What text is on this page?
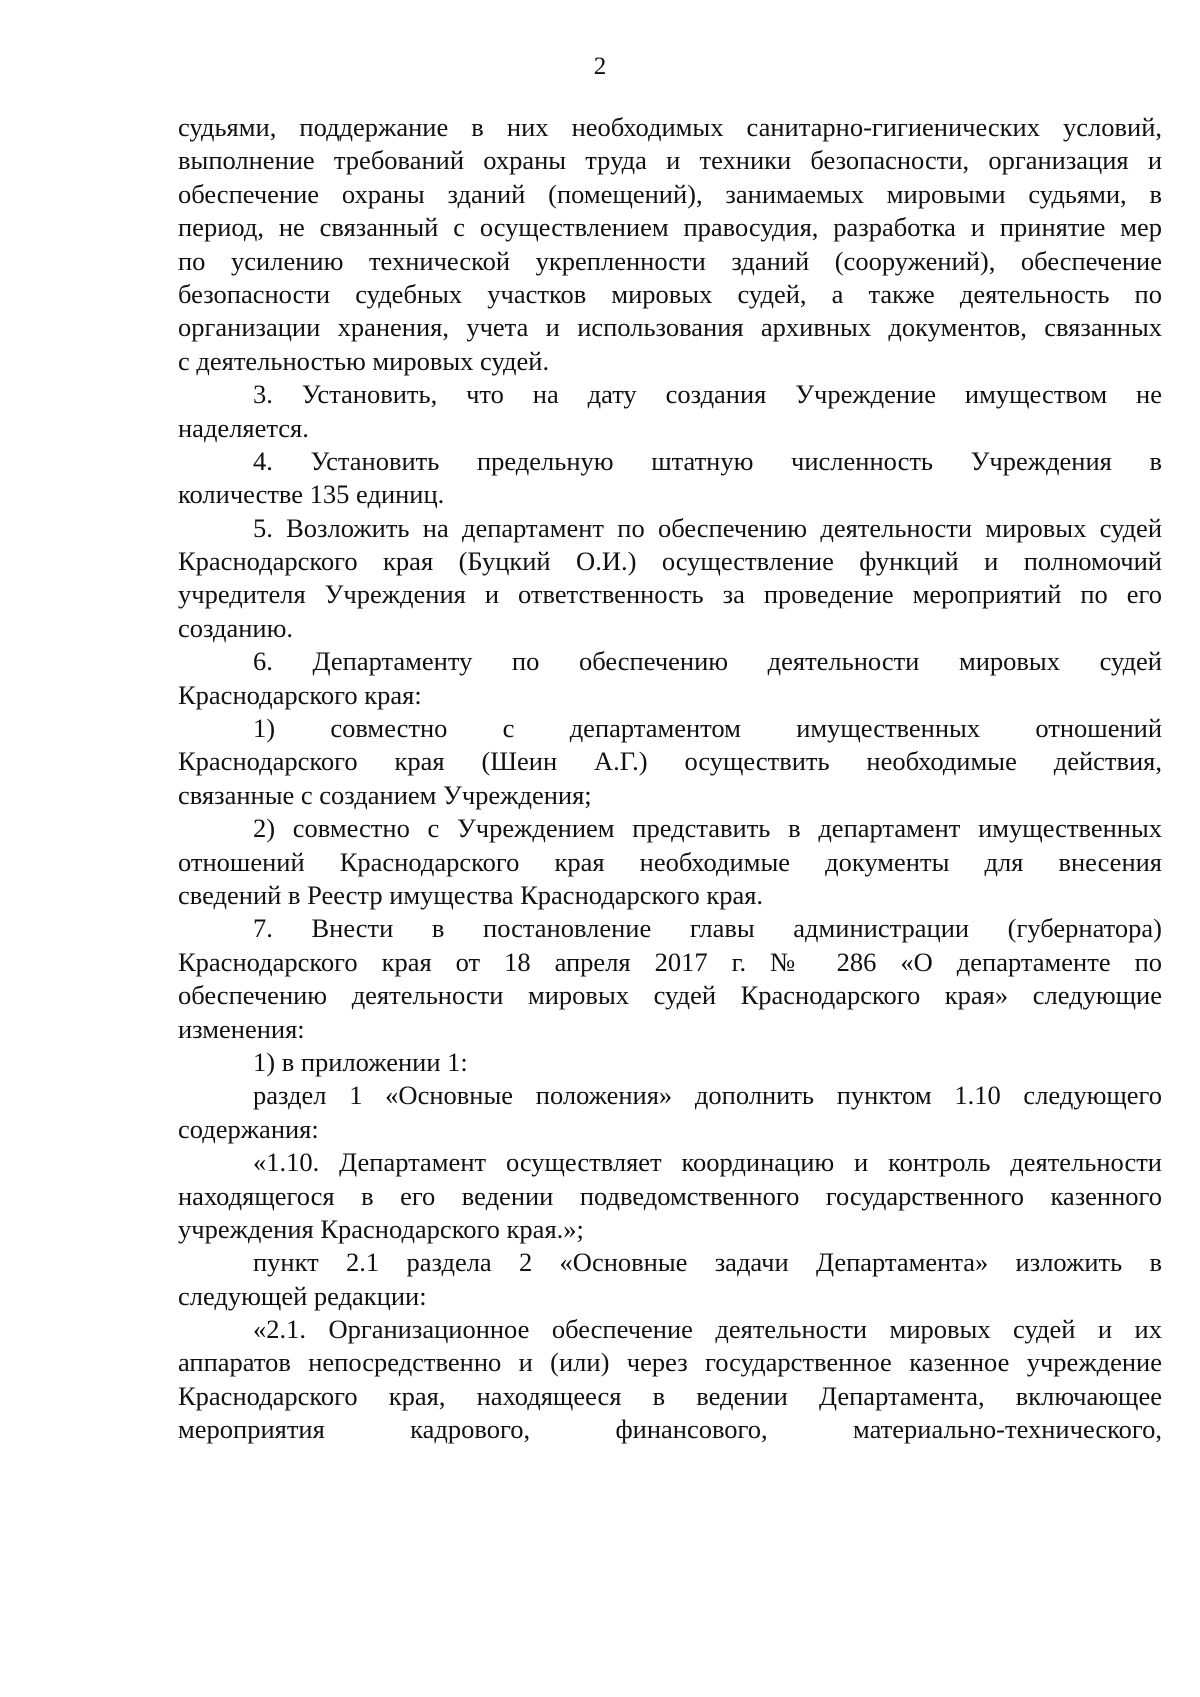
2
судьями, поддержание в них необходимых санитарно-гигиенических условий,
выполнение требований охраны труда и техники безопасности, организация и
обеспечение охраны зданий (помещений), занимаемых мировыми судьями, в
период, не связанный с осуществлением правосудия, разработка и принятие мер
по усилению технической укрепленности зданий (сооружений), обеспечение
безопасности судебных участков мировых судей, а также деятельность по
организации хранения, учета и использования архивных документов, связанных
с деятельностью мировых судей.
3. Установить, что на дату создания Учреждение имуществом не
наделяется.
4. Установить предельную штатную численность Учреждения в
количестве 135 единиц.
5. Возложить на департамент по обеспечению деятельности мировых судей
Краснодарского края (Буцкий О.И.) осуществление функций и полномочий
учредителя Учреждения и ответственность за проведение мероприятий по его
созданию.
6. Департаменту по обеспечению деятельности мировых судей
Краснодарского края:
1) совместно с департаментом имущественных отношений
Краснодарского края (Шеин А.Г.) осуществить необходимые действия,
связанные с созданием Учреждения;
2) совместно с Учреждением представить в департамент имущественных
отношений Краснодарского края необходимые документы для внесения
сведений в Реестр имущества Краснодарского края.
7. Внести в постановление главы администрации (губернатора)
Краснодарского края от 18 апреля 2017 г. № 286 «О департаменте по
обеспечению деятельности мировых судей Краснодарского края» следующие
изменения:
1) в приложении 1:
раздел 1 «Основные положения» дополнить пунктом 1.10 следующего
содержания:
«1.10. Департамент осуществляет координацию и контроль деятельности
находящегося в его ведении подведомственного государственного казенного
учреждения Краснодарского края.»;
пункт 2.1 раздела 2 «Основные задачи Департамента» изложить в
следующей редакции:
«2.1. Организационное обеспечение деятельности мировых судей и их
аппаратов непосредственно и (или) через государственное казенное учреждение
Краснодарского края, находящееся в ведении Департамента, включающее
мероприятия кадрового, финансового, материально-технического,
